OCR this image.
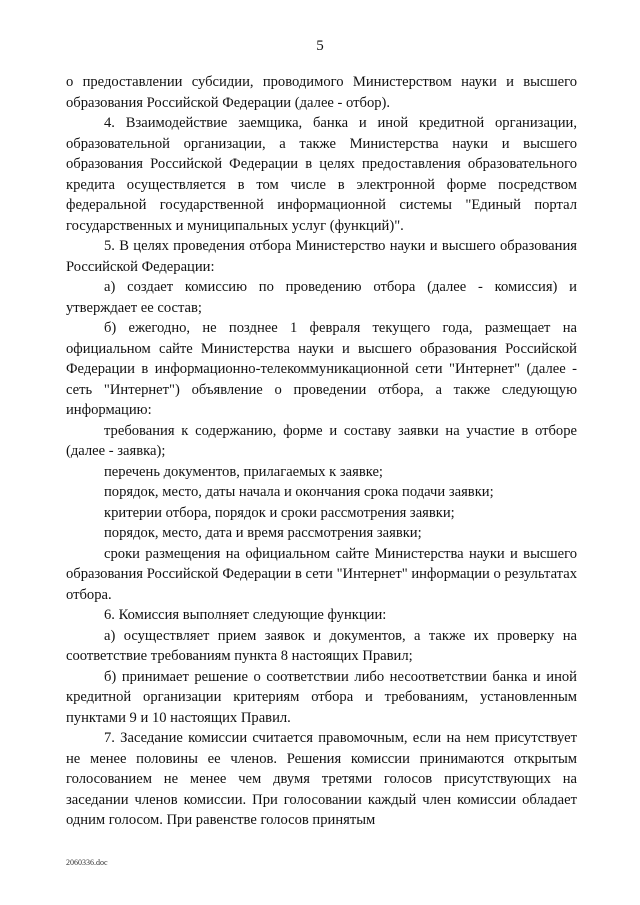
5

о предоставлении субсидии, проводимого Министерством науки и высшего образования Российской Федерации (далее - отбор).

4. Взаимодействие заемщика, банка и иной кредитной организации, образовательной организации, а также Министерства науки и высшего образования Российской Федерации в целях предоставления образовательного кредита осуществляется в том числе в электронной форме посредством федеральной государственной информационной системы "Единый портал государственных и муниципальных услуг (функций)".

5. В целях проведения отбора Министерство науки и высшего образования Российской Федерации:

а) создает комиссию по проведению отбора (далее - комиссия) и утверждает ее состав;

б) ежегодно, не позднее 1 февраля текущего года, размещает на официальном сайте Министерства науки и высшего образования Российской Федерации в информационно-телекоммуникационной сети "Интернет" (далее - сеть "Интернет") объявление о проведении отбора, а также следующую информацию:

требования к содержанию, форме и составу заявки на участие в отборе (далее - заявка);

перечень документов, прилагаемых к заявке;

порядок, место, даты начала и окончания срока подачи заявки;

критерии отбора, порядок и сроки рассмотрения заявки;

порядок, место, дата и время рассмотрения заявки;

сроки размещения на официальном сайте Министерства науки и высшего образования Российской Федерации в сети "Интернет" информации о результатах отбора.

6. Комиссия выполняет следующие функции:

а) осуществляет прием заявок и документов, а также их проверку на соответствие требованиям пункта 8 настоящих Правил;

б) принимает решение о соответствии либо несоответствии банка и иной кредитной организации критериям отбора и требованиям, установленным пунктами 9 и 10 настоящих Правил.

7. Заседание комиссии считается правомочным, если на нем присутствует не менее половины ее членов. Решения комиссии принимаются открытым голосованием не менее чем двумя третями голосов присутствующих на заседании членов комиссии. При голосовании каждый член комиссии обладает одним голосом. При равенстве голосов принятым

2060336.doc
